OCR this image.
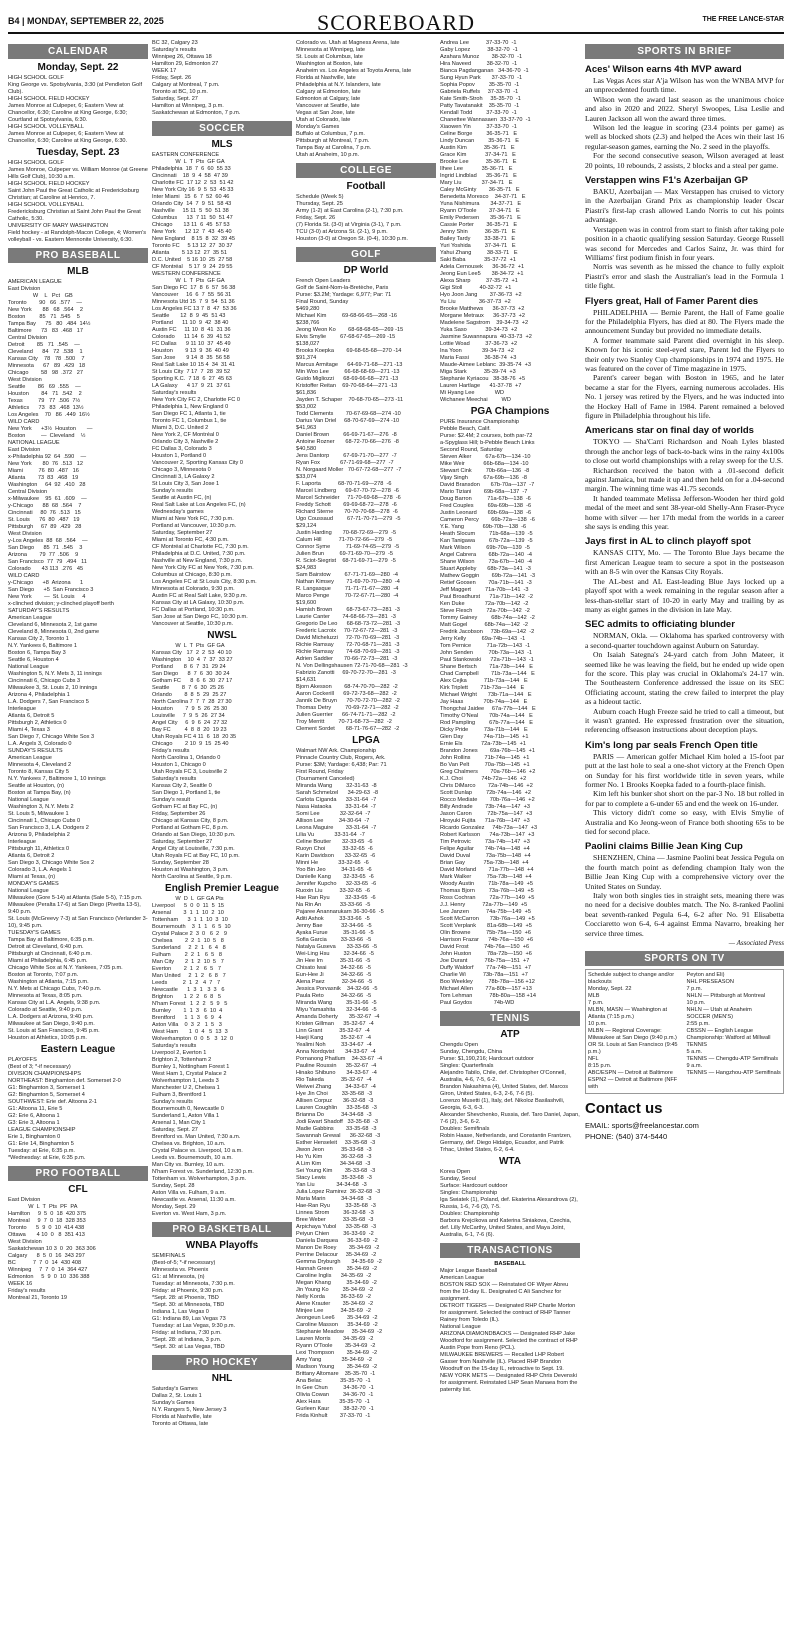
B4 | MONDAY, SEPTEMBER 22, 2025	SCOREBOARD	THE FREE LANCE-STAR
CALENDAR
Monday, Sept. 22
HIGH SCHOOL GOLF
King George vs. Spotsylvania, 3:30 (at Pendleton Golf Club).
HIGH SCHOOL FIELD HOCKEY
James Monroe at Culpeper, 6; Eastern View at Chancellor, 6:30; Caroline at King George, 6:30; Courtland at Spotsylvania, 6:30.
HIGH SCHOOL VOLLEYBALL
James Monroe at Culpeper, 6; Eastern View at Chancellor, 6:30; Caroline at King George, 6:30.
Tuesday, Sept. 23
HIGH SCHOOL GOLF
James Monroe, Culpeper vs. William Monroe (at Greene Hills Golf Club), 10:30 a.m.
HIGH SCHOOL FIELD HOCKEY
Saint John Paul the Great Catholic at Fredericksburg Christian; at Caroline at Henrico, 7.
HIGH SCHOOL VOLLEYBALL
Fredericksburg Christian at Saint John Paul the Great Catholic, 5:30.
UNIVERSITY OF MARY WASHINGTON
Field hockey - at Randolph-Macon College, 4; Women's volleyball - vs. Eastern Mennonite University, 6:30.
PRO BASEBALL
MLB
AMERICAN LEAGUE
East Division
W    L   Pct   GB
Toronto        90   66  .577    —
New York       88   68  .564    2
Boston         85   71  .545    5
Tampa Bay      75   80  .484  14½
Baltimore      73   83  .468   17
Central Division
Detroit        85   71  .545    —
Cleveland      84   72  .538    1
Kansas City    78   78  .500    7
Minnesota      67   89  .429   18
Chicago        58   98  .372   27
West Division
Seattle        86   69  .555    —
Houston        84   71  .542    2
Texas          79   77  .506  7½
Athletics      73   83  .468  13½
Los Angeles    70   86  .449  16½
WILD CARD
New York      +3½  Houston       —
Boston          —  Cleveland    ½
NATIONAL LEAGUE
East Division
x-Philadelphia 92  64  .590    —
New York       80  76  .513   12
Miami          76  80  .487   16
Atlanta        73  83  .468   19
Washington     64  92  .410   28
Central Division
x-Milwaukee    95  61  .609    —
y-Chicago      88  68  .564    7
Cincinnati     80  76  .513   15
St. Louis      76  80  .487   19
Pittsburgh     67  89  .429   28
West Division
y-Los Angeles  88  68  .564    —
San Diego      85  71  .545    3
Arizona        79  77  .506    9
San Francisco  77  79  .494   11
Colorado       43 113  .276   45
WILD CARD
y-Chicago      +8  Arizona      1
San Diego      +5  San Francisco 3
New York        —  St. Louis     4
x-clinched division; y-clinched playoff berth
SATURDAY'S RESULTS
American League
Cleveland 6, Minnesota 2, 1st game
Cleveland 8, Minnesota 0, 2nd game
Kansas City 2, Toronto 1
N.Y. Yankees 6, Baltimore 1
Boston 6, Tampa Bay 3
Seattle 6, Houston 4
National League
Washington 5, N.Y. Mets 3, 11 innings
Cincinnati 6, Chicago Cubs 3
Milwaukee 3, St. Louis 2, 10 innings
Arizona 4, Philadelphia 1
L.A. Dodgers 7, San Francisco 5
Interleague
Atlanta 6, Detroit 5
Pittsburgh 2, Athletics 0
Miami 4, Texas 3
San Diego 7, Chicago White Sox 3
L.A. Angels 3, Colorado 0
SUNDAY'S RESULTS
American League
Minnesota 4, Cleveland 2
Toronto 8, Kansas City 5
N.Y. Yankees 7, Baltimore 1, 10 innings
Seattle at Houston, (n)
Boston at Tampa Bay, (n)
National League
Washington 3, N.Y. Mets 2
St. Louis 5, Milwaukee 1
Cincinnati 1, Chicago Cubs 0
San Francisco 3, L.A. Dodgers 2
Arizona 9, Philadelphia 2
Interleague
Pittsburgh 11, Athletics 0
Atlanta 6, Detroit 2
San Diego 3, Chicago White Sox 2
Colorado 3, L.A. Angels 1
Miami at Texas, (n)
MONDAY'S GAMES
National League
Milwaukee (Gore 5-14) at Atlanta (Sale 5-5), 7:15 p.m.
Milwaukee (Peralta 17-6) at San Diego (Pivetta 13-5), 9:40 p.m.
St. Louis (McGreevy 7-3) at San Francisco (Verlander 3-10), 9:45 p.m.
TUESDAY'S GAMES
Tampa Bay at Baltimore, 6:35 p.m.
Detroit at Cleveland, 6:40 p.m.
Pittsburgh at Cincinnati, 6:40 p.m.
Miami at Philadelphia, 6:45 p.m.
Chicago White Sox at N.Y. Yankees, 7:05 p.m.
Boston at Toronto, 7:07 p.m.
Washington at Atlanta, 7:15 p.m.
N.Y. Mets at Chicago Cubs, 7:40 p.m.
Minnesota at Texas, 8:05 p.m.
Kansas City at L.A. Angels, 9:38 p.m.
Colorado at Seattle, 9:40 p.m.
L.A. Dodgers at Arizona, 9:40 p.m.
Milwaukee at San Diego, 9:40 p.m.
St. Louis at San Francisco, 9:45 p.m.
Houston at Athletics, 10:05 p.m.
Eastern League
PLAYOFFS
(Best of 3; *-if necessary)
DIVISION CHAMPIONSHIPS
NORTHEAST: Binghamton def. Somerset 2-0
G1: Binghamton 3, Somerset 1
G2: Binghamton 5, Somerset 4
SOUTHWEST: Erie def. Altoona 2-1
G1: Altoona 11, Erie 5
G2: Erie 6, Altoona 1
G3: Erie 3, Altoona 1
LEAGUE CHAMPIONSHIP
Erie 1, Binghamton 0
G1: Erie 14, Binghamton 5
Tuesday: at Erie, 6:35 p.m.
*Wednesday: at Erie, 6:35 p.m.
PRO FOOTBALL
CFL
East Division
W  L  T  Pts  PF  PA
Hamilton     9  5  0  18  420 375
Montreal     9  7  0  18  328 353
Toronto      5  9  0  10  414 438
Ottawa       4 10  0   8  351 413
West Division
Saskatchewan 10 3  0  20  363 306
Calgary      8  5  0  16  343 297
BC           7  7  0  14  430 408
Winnipeg     7  7  0  14  364 427
Edmonton     5  9  0  10  336 388
WEEK 16
Friday's results
Montreal 21, Toronto 19
BC 32, Calgary 23
Saturday's results
Winnipeg 26, Ottawa 18
Hamilton 29, Edmonton 27
WEEK 17
Friday, Sept. 26
Calgary at Montreal, 7 p.m.
Toronto at BC, 10 p.m.
Saturday, Sept. 27
Hamilton at Winnipeg, 3 p.m.
Saskatchewan at Edmonton, 7 p.m.
SOCCER
MLS
EASTERN CONFERENCE
W  L  T  Pts  GF GA
Philadelphia  18  7  6  60  55 33
Cincinnati    18  9  4  58  47 39
Charlotte FC  17 12  2  53  51 42
New York City 16  9  5  53  45 33
Inter Miami   15  6  7  52  60 46
Orlando City  14  7  9  51  58 43
Nashville     15 11  5  50  51 38
Columbus      13  7 11  50  51 47
Chicago       13 11  6  45  57 53
New York      12 12  7  43  45 40
New England    8 15  8  32  39 45
Toronto FC     5 13 12  27  30 37
Atlanta        5 13 12  27  35 51
D.C. United    5 16 10  25  27 58
CF Montréal    5 17  9  24  29 55
WESTERN CONFERENCE
W  L  T  Pts  GF GA
San Diego FC  17  8  6  57  56 38
Vancouver     16  6  7  55  56 31
Minnesota Utd 15  7  9  54  51 36
Los Angeles FC 13 7  8  47  53 36
Seattle       12  8  9  45  51 43
Portland      11 10  9  42  38 40
Austin FC     11 10  8  41  31 36
Colorado      11 14  6  39  41 52
FC Dallas      9 11 10  37  45 49
Houston        9 13  9  36  40 49
San Jose       9 14  8  35  56 58
Real Salt Lake 10 15 4  34  31 41
St Louis City  7 17  7  28  39 52
Sporting K.C.  7 18  6  27  45 63
LA Galaxy      4 17  9  21  37 61
Saturday's results
New York City FC 2, Charlotte FC 0
Philadelphia 1, New England 0
San Diego FC 1, Atlanta 1, tie
Toronto FC 1, Columbus 1, tie
Miami 3, D.C. United 2
New York 2, CF Montréal 0
Orlando City 3, Nashville 2
FC Dallas 3, Colorado 3
Houston 1, Portland 0
Vancouver 2, Sporting Kansas City 0
Chicago 3, Minnesota 0
Cincinnati 3, LA Galaxy 2
St Louis City 3, San Jose 1
Sunday's results
Seattle at Austin FC, (n)
Real Salt Lake at Los Angeles FC, (n)
Wednesday's games
Miami at New York FC, 7:30 p.m.
Portland at Vancouver, 10:30 p.m.
Saturday, September 27
Miami at Toronto FC, 4:30 p.m.
CF Montréal at Charlotte FC, 7:30 p.m.
Philadelphia at D.C. United, 7:30 p.m.
Nashville at New England, 7:30 p.m.
New York City FC at New York, 7:30 p.m.
Columbus at Chicago, 8:30 p.m.
Los Angeles FC at St Louis City, 8:30 p.m.
Minnesota at Colorado, 9:30 p.m.
Austin FC at Real Salt Lake, 9:30 p.m.
Kansas City at LA Galaxy, 10:30 p.m.
FC Dallas at Portland, 10:30 p.m.
San Jose at San Diego FC, 10:30 p.m.
Vancouver at Seattle, 10:30 p.m.
NWSL
W  L  T  Pts  GF GA
Kansas City   17  2  2  53  40 10
Washington    10  4  7  37  33 27
Portland       8  6  7  31  29 24
San Diego      8  7  6  30  30 24
Gotham FC      8  6  6  30  27 17
Seattle        8  7  6  30  25 26
Orlando        8  8  5  29  25 27
North Carolina 7  7  7  28  27 30
Houston        7  9  5  26  25 30
Louisville     7  9  5  26  27 34
Angel City     6  9  6  24  27 32
Bay FC         4  8  8  20  19 23
Utah Royals FC 4 11  6  18  20 35
Chicago        2 10  9  15  25 40
Friday's results
North Carolina 1, Orlando 0
Houston 1, Chicago 0
Utah Royals FC 3, Louisville 2
Saturday's results
Kansas City 2, Seattle 0
San Diego 1, Portland 1, tie
Sunday's result
Gotham FC at Bay FC, (n)
Friday, September 26
Chicago at Kansas City, 8 p.m.
Portland at Gotham FC, 8 p.m.
Orlando at San Diego, 10:30 p.m.
Saturday, September 27
Angel City at Louisville, 7:30 p.m.
Utah Royals FC at Bay FC, 10 p.m.
Sunday, September 28
Houston at Washington, 3 p.m.
North Carolina at Seattle, 9 p.m.
English Premier League
W  D  L  GF GA Pts
Liverpool      5  0  0  11  5  15
Arsenal        3  1  1  10  2  10
Tottenham      3  1  1  10  3  10
Bournemouth    3  1  1   6  5  10
Crystal Palace 2  3  0   6  2   9
Chelsea        2  2  1  10  5   8
Sunderland     2  2  1   6  4   8
Fulham         2  2  1   6  5   8
Man City       2  1  2  10  5   7
Everton        2  1  2   6  5   7
Man United     2  1  2   6  8   7
Leeds          2  1  2   4  7   7
Newcastle      1  3  1   3  3   6
Brighton       1  2  2   6  8   5
N'ham Forest   1  2  2   5  9   5
Burnley        1  1  3   6  10  4
Brentford      1  1  3   6  9   4
Aston Villa    0  3  2   1  5   3
West Ham       1  0  4   5  13  3
Wolverhampton  0  0  5   3  12  0
Saturday's results
Liverpool 2, Everton 1
Brighton 2, Tottenham 2
Burnley 1, Nottingham Forest 1
West Ham 1, Crystal Palace 2
Wolverhampton 1, Leeds 3
Manchester U 2, Chelsea 1
Fulham 3, Brentford 1
Sunday's results
Bournemouth 0, Newcastle 0
Sunderland 1, Aston Villa 1
Arsenal 1, Man City 1
Saturday, Sept. 27
Brentford vs. Man United, 7:30 a.m.
Chelsea vs. Brighton, 10 a.m.
Crystal Palace vs. Liverpool, 10 a.m.
Leeds vs. Bournemouth, 10 a.m.
Man City vs. Burnley, 10 a.m.
N'ham Forest vs. Sunderland, 12:30 p.m.
Tottenham vs. Wolverhampton, 3 p.m.
Sunday, Sept. 28
Aston Villa vs. Fulham, 9 a.m.
Newcastle vs. Arsenal, 11:30 a.m.
Monday, Sept. 29
Everton vs. West Ham, 3 p.m.
PRO BASKETBALL
WNBA Playoffs
SEMIFINALS
(Best-of-5; *-if necessary)
Minnesota vs. Phoenix
G1: at Minnesota, (n)
Tuesday: at Minnesota, 7:30 p.m.
Friday: at Phoenix, 9:30 p.m.
*Sept. 28: at Phoenix, TBD
*Sept. 30: at Minnesota, TBD
Indiana 1, Las Vegas 0
G1: Indiana 89, Las Vegas 73
Tuesday: at Las Vegas, 9:30 p.m.
Friday: at Indiana, 7:30 p.m.
*Sept. 28: at Indiana, 3 p.m.
*Sept. 30: at Las Vegas, TBD
PRO HOCKEY
NHL
Saturday's Games
Dallas 2, St. Louis 1
Sunday's Games
N.Y. Rangers 5, New Jersey 3
Florida at Nashville, late
Toronto at Ottawa, late
Colorado vs. Utah at Magness Arena, late
Minnesota at Winnipeg, late
St. Louis at Columbus, late
Washington at Boston, late
Anaheim vs. Los Angeles at Toyota Arena, late
Florida at Nashville, late
Philadelphia at N.Y. Islanders, late
Calgary at Edmonton, late
Edmonton at Calgary, late
Vancouver at Seattle, late
Vegas at San Jose, late
Utah at Colorado, late
Monday's Games
Buffalo at Columbus, 7 p.m.
Pittsburgh at Montreal, 7 p.m.
Tampa Bay at Carolina, 7 p.m.
Utah at Anaheim, 10 p.m.
COLLEGE
Football
Schedule (Week 5)
Thursday, Sept. 25
Army (1-2) at East Carolina (2-1), 7:30 p.m.
Friday, Sept. 26
(7) Florida St. (3-0) at Virginia (3-1), 7 p.m.
TCU (3-0) at Arizona St. (2-1), 9 p.m.
Houston (3-0) at Oregon St. (0-4), 10:30 p.m.
GOLF
DP World
French Open Leaders
Golf de Saint-Nom-la-Bretèche, Paris
Purse: $3.2M; Yardage: 6,977; Par: 71
Final Round, Sunday
$469,280
Michael Kim          69-68-66-65—268 -16
$238,766
Jeong Weon Ko        68-68-68-65—269 -15
Elvis Smylie         67-68-67-65—269 -15
$138,027
Brooks Koepka        69-68-65-68—270 -14
$91,374
Marcus Armitage      64-69-71-68—271 -13
Min Woo Lee          66-68-68-69—271 -13
Guido Migliozzi      68-69-66-68—271 -13
Kristoffer Reitan    69-70-68-64—271 -13
$61,836
Jayden T. Schaper    70-68-70-65—273 -11
$53,002
Todd Clements        70-67-69-68—274 -10
Darius Van Driel     68-70-67-69—274 -10
$41,963
Daniel Brown         66-69-71-67—276  -8
Antoine Rozner       68-72-70-66—276  -8
$40,580
Jens Dantorp         67-69-71-70—277  -7
Ryan Fox             67-71-69-68—277  -7
N. Norgaard Moller   70-67-72-68—277  -7
$33,074
F. Laporta           68-70-71-69—278  -6
Marcel Lindberg      69-67-70-72—278  -6
Marcel Schneider     71-70-69-68—278  -6
Freddy Schott        69-69-68-72—278  -6
Richard Sterne       70-70-70-68—278  -6
Ugo Coussaud         67-71-70-71—279  -5
$29,124
Justin Harding       70-68-72-69—279  -5
Calum Hill           71-70-72-66—279  -5
Connor Syme          71-69-74-65—279  -5
Julien Brun          69-71-69-70—279  -5
R. Sciot-Siegrist    68-71-69-71—279  -5
$24,983
Sam Bairstow         67-71-71-69—280  -4
Nathan Kimsey        71-69-70-70—280  -4
R. Langasque         71-71-71-67—280  -4
Marco Penge          70-72-67-71—280  -4
$19,600
Hamish Brown         68-73-67-73—281  -3
Laurie Canter        74-68-66-73—281  -3
Gregorio De Leo      68-68-73-72—281  -3
Frederic Lacroix     70-72-67-72—281  -3
David Micheluzzi     72-70-70-69—281  -3
Richie Ramsay        72-70-68-71—281  -3
Richie Ramsay        74-68-70-69—281  -3
Adrien Saddier       70-66-72-73—281  -3
N. Von Dellingshausen 72-71-70-68—281  -3
Fabrizio Zanotti     69-70-72-70—281  -3
$14,631
Bjorn Akesson        68-74-70-70—282  -2
Aaron Cockerill      69-72-73-68—282  -2
Jannik De Bruyn      70-70-72-70—282  -2
Thomas Detry         70-69-72-71—282  -2
Julien Guerrier      66-74-71-71—282  -2
Troy Merritt         70-71-68-73—282  -2
Clement Sordet       68-71-76-67—282  -2
LPGA
Walmart NW Ark. Championship
Pinnacle Country Club, Rogers, Ark.
Purse: $3M; Yardage: 6,438; Par: 71
First Round, Friday
(Tournament Canceled)
Miranda Wang         32-31-63  -8
Sarah Schmelzel      34-29-63  -8
Carlota Ciganda      33-31-64  -7
Nasa Hataoka         33-31-64  -7
Somi Lee             32-32-64  -7
Allison Lee          34-30-64  -7
Leona Maguire        33-31-64  -7
Lilia Vu             33-31-64  -7
Celine Boutier       32-33-65  -6
Ruoyn Choi           33-32-65  -6
Karin Davidson       33-32-65  -6
Minni He             33-32-65  -6
Yoo Bin Jeo          34-31-65  -6
Danielle Kang        32-33-65  -6
Jennifer Kupcho      32-33-65  -6
Ruoxin Liu           33-32-65  -6
Hae Ran Ryu          32-33-65  -6
Na Rin An            33-33-66  -5
Pajaree Anannarukarn 36-30-66  -5
Aditi Ashok          33-33-66  -5
Jenny Bae            32-34-66  -5
Ayaka Furue          35-31-66  -5
Sofia Garcia         33-33-66  -5
Natalya Guseva       33-33-66  -5
Wei-Ling Hsu         32-34-66  -5
Jin Hee Im           35-31-66  -5
Chisato Iwai         34-32-66  -5
Eun-Hee Ji           34-32-66  -5
Alena Paez           32-34-66  -5
Jessica Porvasnik    34-32-66  -5
Paula Reto           34-32-66  -5
Miranda Wang         35-31-66  -5
Miyu Yamashita       32-34-66  -5
Amanda Doherty       35-32-67  -4
Kristen Gillman      35-32-67  -4
Linn Grant           35-32-67  -4
Haeji Kang           35-32-67  -4
Yealimi Noh          33-34-67  -4
Anna Nordqvist       34-33-67  -4
Pornanong Phatlum    34-33-67  -4
Pauline Roussin      35-32-67  -4
Hinako Shibuno       34-33-67  -4
Rio Takeda           35-32-67  -4
Weiwei Zhang         34-33-67  -4
Hye Jin Choi         33-35-68  -3
Allisen Corpuz       36-32-68  -3
Lauren Coughlin      33-35-68  -3
Brianna Do           34-34-68  -3
Jodi Ewart Shadoff   33-35-68  -3
Madie Gabbins        33-35-68  -3
Savannah Grewal      36-32-68  -3
Esther Henseleit     33-35-68  -3
Jiwon Jeon           35-33-68  -3
Ho Yu Kim            36-32-68  -3
A Lim Kim            34-34-68  -3
Sei Young Kim        35-33-68  -3
Stacy Lewis          35-33-68  -3
Yan Liu              34-34-68  -3
Julia Lopez Ramirez  36-32-68  -3
Maria Marin          34-34-68  -3
Hae-Ran Ryu          33-35-68  -3
Linnea Strom         36-32-68  -3
Bree Weber           33-35-68  -3
Arpichaya Yubol      33-35-68  -3
Peiyun Chien         36-33-69  -2
Daniela Darquea      36-33-69  -2
Manon De Roey        35-34-69  -2
Perrine Delacour     35-34-69  -2
Gemma Dryburgh       34-35-69  -2
Hannah Green         35-34-69  -2
Caroline Inglis      34-35-69  -2
Megan Khang          35-34-69  -2
Jin Young Ko         35-34-69  -2
Nelly Korda          36-33-69  -2
Alene Krauter        35-34-69  -2
Minjee Lee           34-35-69  -2
Jeongeun Lee6        35-34-69  -2
Caroline Masson      35-34-69  -2
Stephanie Meadow     35-34-69  -2
Lauren Morris        34-35-69  -2
Ryann O'Toole        35-34-69  -2
Lexi Thompson        35-34-69  -2
Amy Yang             35-34-69  -2
Madison Young        35-34-69  -2
Brittany Altomare    35-35-70  -1
Ana Belac            35-35-70  -1
In Gee Chun          34-36-70  -1
Olivia Cowan         34-36-70  -1
Alex Hara            35-35-70  -1
Gurleen Kaur         38-32-70  -1
Frida Kinhult        37-33-70  -1
Andrea Lee           37-33-70  -1
Gaby Lopez           38-32-70  -1
Azahara Munoz        38-32-70  -1
Hira Naveed          38-32-70  -1
Bianca Pagdanganan   34-36-70  -1
Sung Hyun Park       37-33-70  -1
Sophia Popov         35-35-70  -1
Gabriela Ruffels     37-33-70  -1
Kate Smith-Stroh     35-35-70  -1
Patty Tavatanakit    35-35-70  -1
Kendall Todd         37-33-70  -1
Chanettee Wannasaen  33-37-70  -1
Xiaowen Yin          37-33-70  -1
Celine Borge         36-35-71   E
Lindy Duncan         35-36-71   E
Austin Kim           35-36-71   E
Grace Kim            37-34-71   E
Brooke Lee           35-36-71   E
Ilhee Lee            35-36-71   E
Ingrid Lindblad      35-36-71   E
Mary Liu             37-34-71   E
Caley McGinty        36-35-71   E
Benedetta Moresco    34-37-71   E
Yuna Nishimura       34-37-71   E
Ryann O'Toole        37-34-71   E
Emily Pedersen       35-36-71   E
Cassie Porter        36-35-71   E
Jenny Shin           36-35-71   E
Bailey Tardy         33-38-71   E
Yuri Yoshida         37-34-71   E
Yahui Zhang          38-33-71   E
Saki Baba            35-37-72  +1
Adela Cernousek      36-36-72  +1
Jeong Eun Lee5       38-34-72  +1
Alexa Sharp          37-35-72  +1
Gigi Stoll           40-32-72  +1
Hyo Joon Jang        37-36-73  +2
Yu Liu               36-37-73  +2
Brooke Matthews      36-37-73  +2
Morgane Metraux      36-37-73  +2
Madelene Sagstrom    39-34-73  +2
Yuka Saso            39-34-73  +2
Jasmine Suwannapura  40-33-73  +2
Lottie Woad          37-36-73  +2
Ina Yoon             39-34-73  +2
Maria Fassi          36-38-74  +3
Maude-Aimee Leblanc  39-35-74  +3
Miga Stark           35-39-74  +3
Stephanie Kyriacou   38-38-76  +5
Lauren Hartlage      41-37-78  +7
Mi Hyang Lee             WD
Wichanee Meechai         WD
PGA Champions
PURE Insurance Championship
Pebble Beach, Calif.
Purse: $2.4M; 2 courses, both par-72
a-Spyglass Hill; b-Pebble Beach Links
Second Round, Saturday
Steven Alker         67a-67b—134 -10
Mike Weir            66b-68a—134 -10
Stewart Cink         70b-66a—136  -8
Vijay Singh          67a-69b—136  -8
David Bransdon       67b-70a—137  -7
Mario Tiziani        69b-68a—137  -7
Doug Barron          71a-67b—138  -6
Fred Couples         69a-69b—138  -6
Justin Leonard       69b-69a—138  -6
Cameron Percy        66b-72a—138  -6
Y.E. Yang            69b-70b—138  -6
Heath Slocum         71b-68a—139  -5
Kan Tanigawa         67b-72a—139  -5
Mark Wilson          69b-70a—139  -5
Angel Cabrera        68b-72a—140  -4
Shane Wilson         73a-67b—140  -4
Stuart Appleby       68b-73a—141  -3
Mathew Goggin        69b-72a—141  -3
Retief Goosen        70a-71b—141  -3
Jeff Maggert         71a-70b—141  -3
Paul Broadhurst      71a-71b—142  -2
Ken Duke             72a-70b—142  -2
Steve Flesch         72a-70b—142  -2
Tommy Gainey         68b-74a—142  -2
Matt Gogel           68b-74a—142  -2
Fredrik Jacobson     73b-69a—142  -2
Jerry Kelly          69a-74b—143  -1
Tom Pernice          71a-72b—143  -1
John Senden          70b-73a—143  -1
Paul Stankowski      72a-71b—143  -1
Shane Bertsch        71a-73b—144   E
Chad Campbell        71b-73a—144   E
Alex Cejka           71b-73a—144   E
Kirk Triplett        71b-73a—144   E
Michael Wright       73b-71a—144   E
Jay Haas             70b-74a—144   E
Thongchai Jaidee     67a-77b—144   E
Timothy O'Neal       70b-74a—144   E
Rod Pampling         67b-77a—144   E
Dicky Pride          73a-71b—144   E
Glen Day             74a-71b—145  +1
Ernie Els            72a-73b—145  +1
Brandon Jones        69a-76b—145  +1
John Rollins         71b-74a—145  +1
Bo Van Pelt          70a-75b—145  +1
Greg Chalmers        70a-76b—146  +2
K.J. Choi            74b-72a—146  +2
Chris DiMarco        72a-74b—146  +2
Scott Dunlap         72b-74a—146  +2
Rocco Mediate        70b-76a—146  +2
Billy Andrade        73b-74a—147  +3
Jason Caron          72b-75a—147  +3
Hiroyuki Fujita      71a-76b—147  +3
Ricardo Gonzalez     74b-73a—147  +3
Robert Karlsson      74a-73b—147  +3
Tim Petrovic         73a-74b—147  +3
Felipe Aguilar       74b-74a—148  +4
David Duval          73a-75b—148  +4
Brian Gay            75a-73b—148  +4
David Morland        71a-77b—148  +4
Mark Walker          75a-73b—148  +4
Woody Austin         71b-78a—149  +5
Thomas Bjorn         73a-76b—149  +5
Ross Cochran         72a-77b—149  +5
J.J. Henry           72a-77b—149  +5
Lee Janzen           74a-75b—149  +5
Scott McCarron       73b-76a—149  +5
Scott Verplank       81a-68b—149  +5
Olin Browne          75b-75a—150  +6
Harrison Frazar      74b-76a—150  +6
David Frost          74b-76a—150  +6
John Huston          78a-72b—150  +6
Joe Durant           76b-75a—151  +7
Duffy Waldorf        77a-74b—151  +7
Charlie Wi           73b-78a—151  +7
Boo Weekley          78b-78a—156 +12
Michael Allen        77a-80b—157 +13
Tom Lehman           78b-80a—158 +14
Paul Goydos              74b-WD
TENNIS
ATP
Chengdu Open
Sunday, Chengdu, China
Purse: $1,190,216; Hardcourt outdoor
Singles: Quarterfinals
Alejandro Tabilo, Chile, def. Christopher O'Connell, Australia, 4-6, 7-5, 6-2.
Brandon Nakashima (4), United States, def. Marcos Giron, United States, 6-3, 2-6, 7-6 (5).
Lorenzo Musetti (1), Italy, def. Nikoloz Basilashvili, Georgia, 6-3, 6-3.
Alexander Shevchenko, Russia, def. Taro Daniel, Japan, 7-6 (2), 3-6, 6-2.
Doubles: Semifinals
Robin Haase, Netherlands, and Constantin Frantzen, Germany, def. Diego Hidalgo, Ecuador, and Patrik Trhac, United States, 6-2, 6-4.
WTA
Korea Open
Sunday, Seoul
Surface: Hardcourt outdoor
Singles: Championship
Iga Swiatek (1), Poland, def. Ekaterina Alexandrova (2), Russia, 1-6, 7-6 (3), 7-5.
Doubles: Championship
Barbora Krejcikova and Katerina Siniakova, Czechia, def. Lilly McCarthy, United States, and Maya Joint, Australia, 6-1, 7-6 (6).
TRANSACTIONS
BASEBALL
Major League Baseball
American League
BOSTON RED SOX — Reinstated OF Wilyer Abreu from the 10-day IL. Designated C Ali Sanchez for assignment.
DETROIT TIGERS — Designated RHP Charlie Morton for assignment. Selected the contract of RHP Tanner Rainey from Toledo (IL).
National League
ARIZONA DIAMONDBACKS — Designated RHP Jake Woodford for assignment. Selected the contract of RHP Austin Pope from Reno (PCL).
MILWAUKEE BREWERS — Recalled LHP Robert Gasser from Nashville (IL). Placed RHP Brandon Woodruff on the 15-day IL, retroactive to Sept. 19.
NEW YORK METS — Designated RHP Chris Devenski for assignment. Reinstated LHP Sean Manaea from the paternity list.
SPORTS IN BRIEF
Aces' Wilson earns 4th MVP award

Las Vegas Aces star A'ja Wilson has won the WNBA MVP for an unprecedented fourth time.

Wilson won the award last season as the unanimous choice and also in 2020 and 2022. Sheryl Swoopes, Lisa Leslie and Lauren Jackson all won the award three times.

Wilson led the league in scoring (23.4 points per game) as well as blocked shots (2.3) and helped the Aces win their last 16 regular-season games, earning the No. 2 seed in the playoffs.

For the second consecutive season, Wilson averaged at least 20 points, 10 rebounds, 2 assists, 2 blocks and a steal per game.

Verstappen wins F1's Azerbaijan GP

BAKU, Azerbaijan — Max Verstappen has cruised to victory in the Azerbaijan Grand Prix as championship leader Oscar Piastri's first-lap crash allowed Lando Norris to cut his points advantage.

Verstappen was in control from start to finish after taking pole position in a chaotic qualifying session Saturday. George Russell was second for Mercedes and Carlos Sainz, Jr. was third for Williams' first podium finish in four years.

Norris was seventh as he missed the chance to fully exploit Piastri's error and slash the Australian's lead in the Formula 1 title fight.

Flyers great, Hall of Famer Parent dies

PHILADELPHIA — Bernie Parent, the Hall of Fame goalie for the Philadelphia Flyers, has died at 80. The Flyers made the announcement Sunday but provided no immediate details.

A former teammate said Parent died overnight in his sleep. Known for his iconic steel-eyed stare, Parent led the Flyers to their only two Stanley Cup championships in 1974 and 1975. He was featured on the cover of Time magazine in 1975.

Parent's career began with Boston in 1965, and he later became a star for the Flyers, earning numerous accolades. His No. 1 jersey was retired by the Flyers, and he was inducted into the Hockey Hall of Fame in 1984. Parent remained a beloved figure in Philadelphia throughout his life.

Americans star on final day of worlds

TOKYO — Sha'Carri Richardson and Noah Lyles blasted through the anchor legs of back-to-back wins in the rainy 4x100s to close out world championships with a relay sweep for the U.S.

Richardson received the baton with a .01-second deficit against Jamaica, but made it up and then held on for a .04-second margin. The winning time was 41.75 seconds.

It handed teammate Melissa Jefferson-Wooden her third gold medal of the meet and sent 38-year-old Shelly-Ann Fraser-Pryce home with silver — her 17th medal from the worlds in a career she says is ending this year.

Jays first in AL to clinch playoff spot

KANSAS CITY, Mo. — The Toronto Blue Jays became the first American League team to secure a spot in the postseason with an 8-5 win over the Kansas City Royals.

The AL-best and AL East-leading Blue Jays locked up a playoff spot with a week remaining in the regular season after a less-than-stellar start of 10-20 in early May and trailing by as many as eight games in the division in late May.

SEC admits to officiating blunder

NORMAN, Okla. — Oklahoma has sparked controversy with a second-quarter touchdown against Auburn on Saturday.

On Isaiah Sategna's 24-yard catch from John Mateer, it seemed like he was leaving the field, but he ended up wide open for the score. This play was crucial in Oklahoma's 24-17 win. The Southeastern Conference addressed the issue on its SEC Officiating account, stating the crew failed to interpret the play as a hideout tactic.

Auburn coach Hugh Freeze said he tried to call a timeout, but it wasn't granted. He expressed frustration over the situation, referencing offseason instructions about deception plays.

Kim's long par seals French Open title

PARIS — American golfer Michael Kim holed a 15-foot par putt at the last hole to seal a one-shot victory at the French Open on Sunday for his first worldwide title in seven years, while former No. 1 Brooks Koepka faded to a fourth-place finish.

Kim left his bunker shot short on the par-3 No. 18 but rolled in for par to complete a 6-under 65 and end the week on 16-under.

This victory didn't come so easy, with Elvis Smylie of Australia and Ko Jeong-weon of France both shooting 65s to be tied for second place.

Paolini claims Billie Jean King Cup

SHENZHEN, China — Jasmine Paolini beat Jessica Pegula on the fourth match point as defending champion Italy won the Billie Jean King Cup with a comprehensive victory over the United States on Sunday.

Italy won both singles ties in straight sets, meaning there was no need for a decisive doubles match. The No. 8-ranked Paolini beat seventh-ranked Pegula 6-4, 6-2 after No. 91 Elisabetta Cocciaretto won 6-4, 6-4 against Emma Navarro, breaking her service three times.

— Associated Press
SPORTS ON TV
Schedule subject to change and/or blackouts
Monday, Sept. 22
MLB
7 p.m.
MLBN, MASN — Washington at Atlanta (7:15 p.m.)
10 p.m.
MLBN — Regional Coverage: Milwaukee at San Diego (9:40 p.m.) OR St. Louis at San Francisco (9:45 p.m.)
NFL
8:15 p.m.
ABC/ESPN — Detroit at Baltimore
ESPN2 — Detroit at Baltimore (NFF with
Peyton and Eli)
NHL PRESEASON
7 p.m.
NHLN — Pittsburgh at Montreal
10 p.m.
NHLN — Utah at Anaheim
SOCCER (MEN'S)
2:55 p.m.
CBSSN — English League Championship: Watford at Millwall
TENNIS
5 a.m.
TENNIS — Chengdu-ATP Semifinals
9 a.m.
TENNIS — Hangzhou-ATP Semifinals
Contact us
EMAIL: sports@freelancestar.com
PHONE: (540) 374-5440
